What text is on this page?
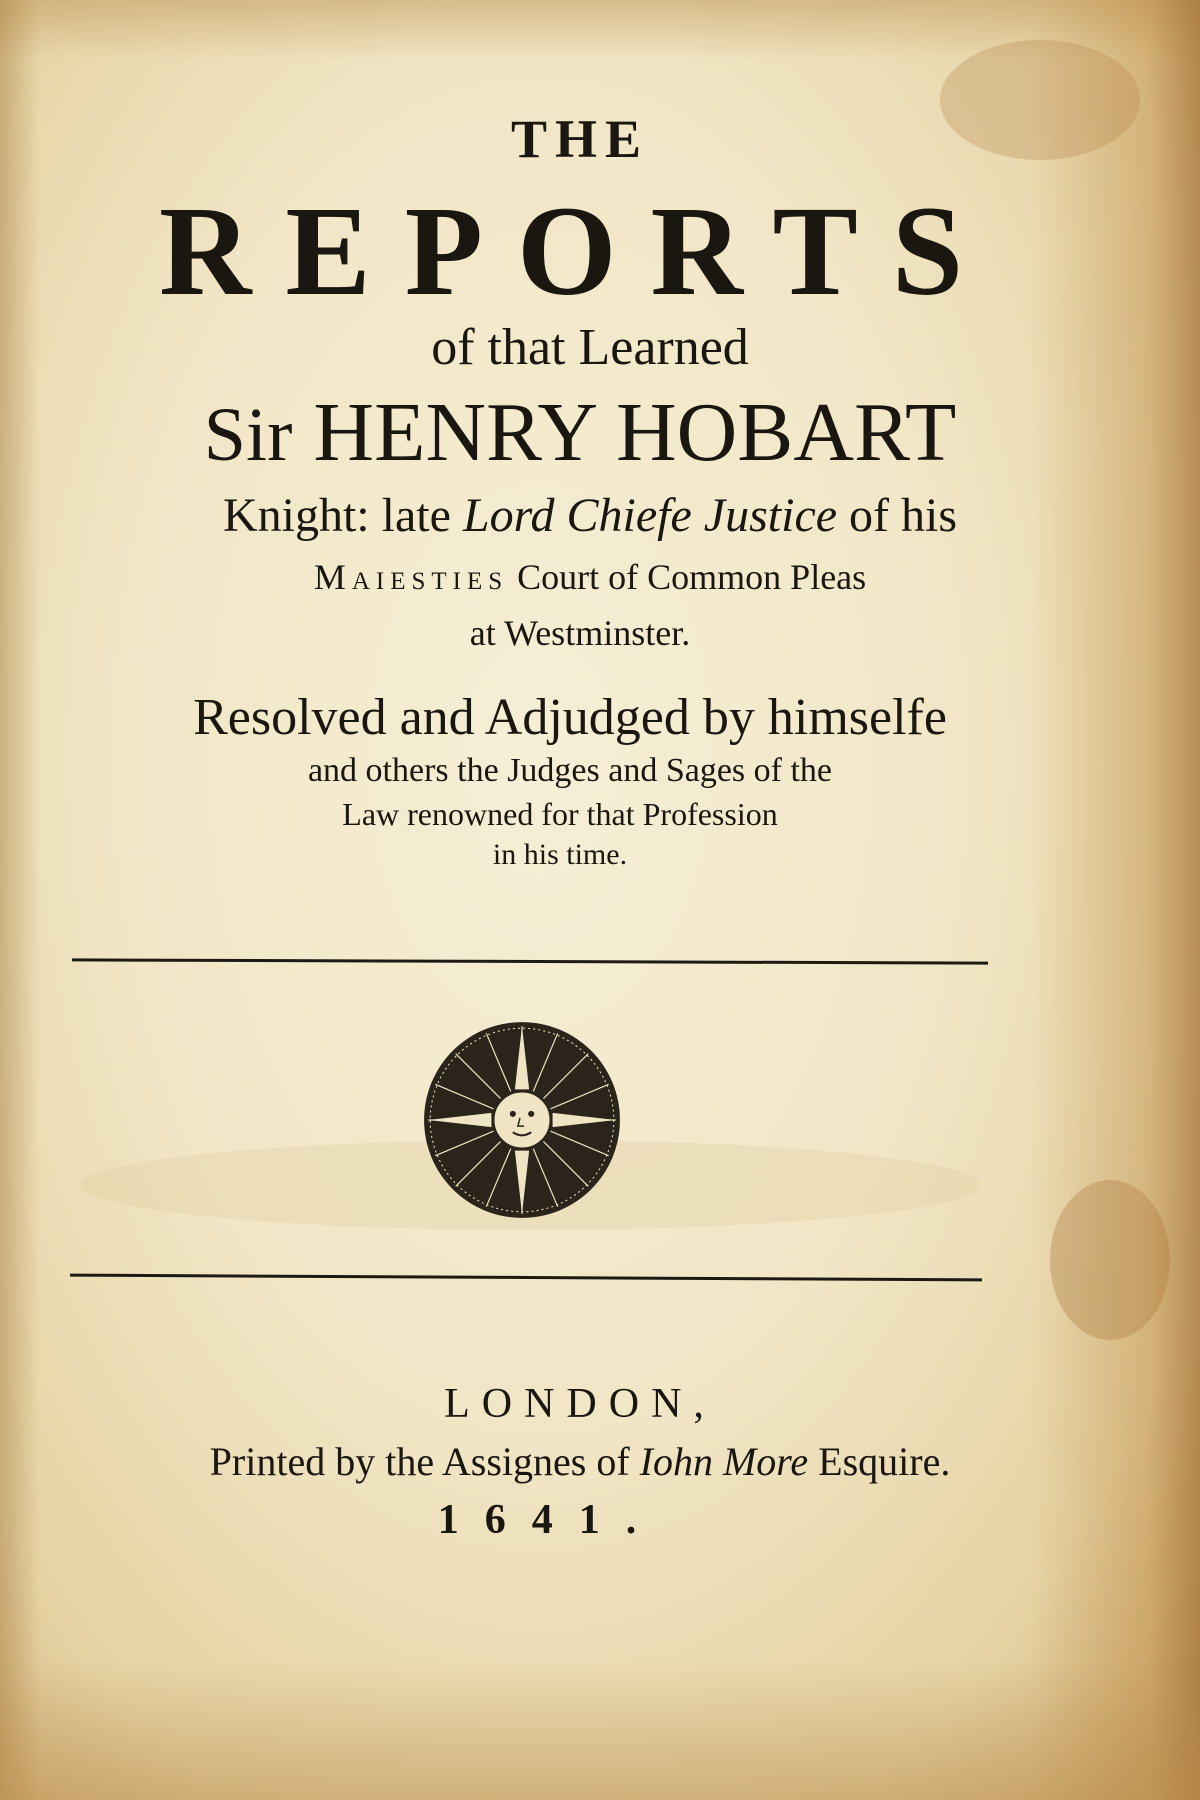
THE
REPORTS
of that Learned
Sir HENRY HOBART
Knight: late Lord Chiefe Justice of his
Maiesties Court of Common Pleas
at Westminster.
Resolved and Adjudged by himselfe
and others the Judges and Sages of the
Law renowned for that Profession
in his time.
LONDON,
Printed by the Assignes of Iohn More Esquire.
1641.
